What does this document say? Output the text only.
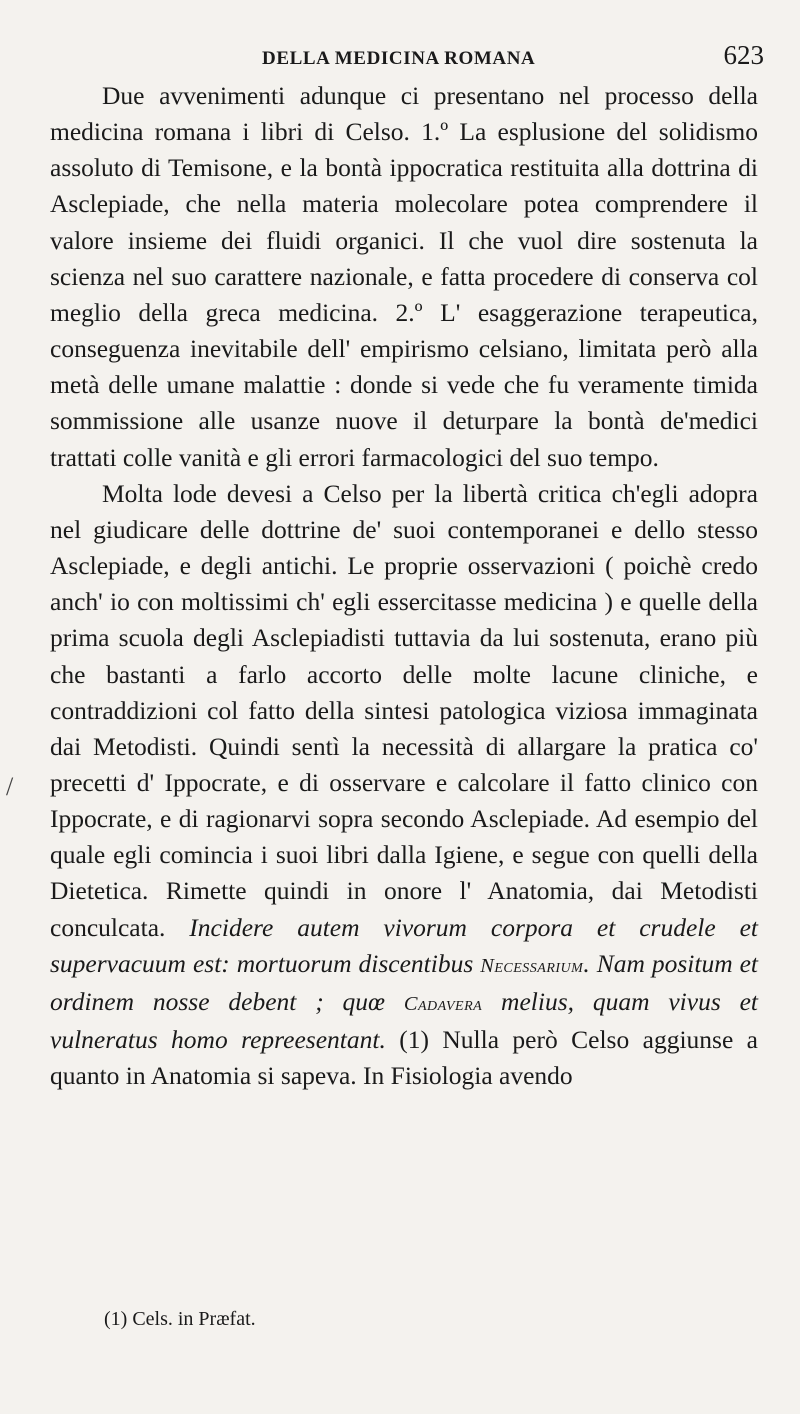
DELLA MEDICINA ROMANA	623
/

Due avvenimenti adunque ci presentano nel processo della medicina romana i libri di Celso. 1.º La esplusione del solidismo assoluto di Temisone, e la bontà ippocratica restituita alla dottrina di Asclepiade, che nella materia molecolare potea comprendere il valore insieme dei fluidi organici. Il che vuol dire sostenuta la scienza nel suo carattere nazionale, e fatta procedere di conserva col meglio della greca medicina. 2.º L' esaggerazione terapeutica, conseguenza inevitabile dell' empirismo celsiano, limitata però alla metà delle umane malattie : donde si vede che fu veramente timida sommissione alle usanze nuove il deturpare la bontà de'medici trattati colle vanità e gli errori farmacologici del suo tempo.

Molta lode devesi a Celso per la libertà critica ch'egli adopra nel giudicare delle dottrine de' suoi contemporanei e dello stesso Asclepiade, e degli antichi. Le proprie osservazioni ( poichè credo anch' io con moltissimi ch' egli essercitasse medicina ) e quelle della prima scuola degli Asclepiadisti tuttavia da lui sostenuta, erano più che bastanti a farlo accorto delle molte lacune cliniche, e contraddizioni col fatto della sintesi patologica viziosa immaginata dai Metodisti. Quindi sentì la necessità di allargare la pratica co' precetti d' Ippocrate, e di osservare e calcolare il fatto clinico con Ippocrate, e di ragionarvi sopra secondo Asclepiade. Ad esempio del quale egli comincia i suoi libri dalla Igiene, e segue con quelli della Dietetica. Rimette quindi in onore l' Anatomia, dai Metodisti conculcata. Incidere autem vivorum corpora et crudele et supervacuum est: mortuorum discentibus Necessarium. Nam positum et ordinem nosse debent ; quœ Cadavera melius, quam vivus et vulneratus homo repreesentant. (1) Nulla però Celso aggiunse a quanto in Anatomia si sapeva. In Fisiologia avendo

(1) Cels. in Præfat.
